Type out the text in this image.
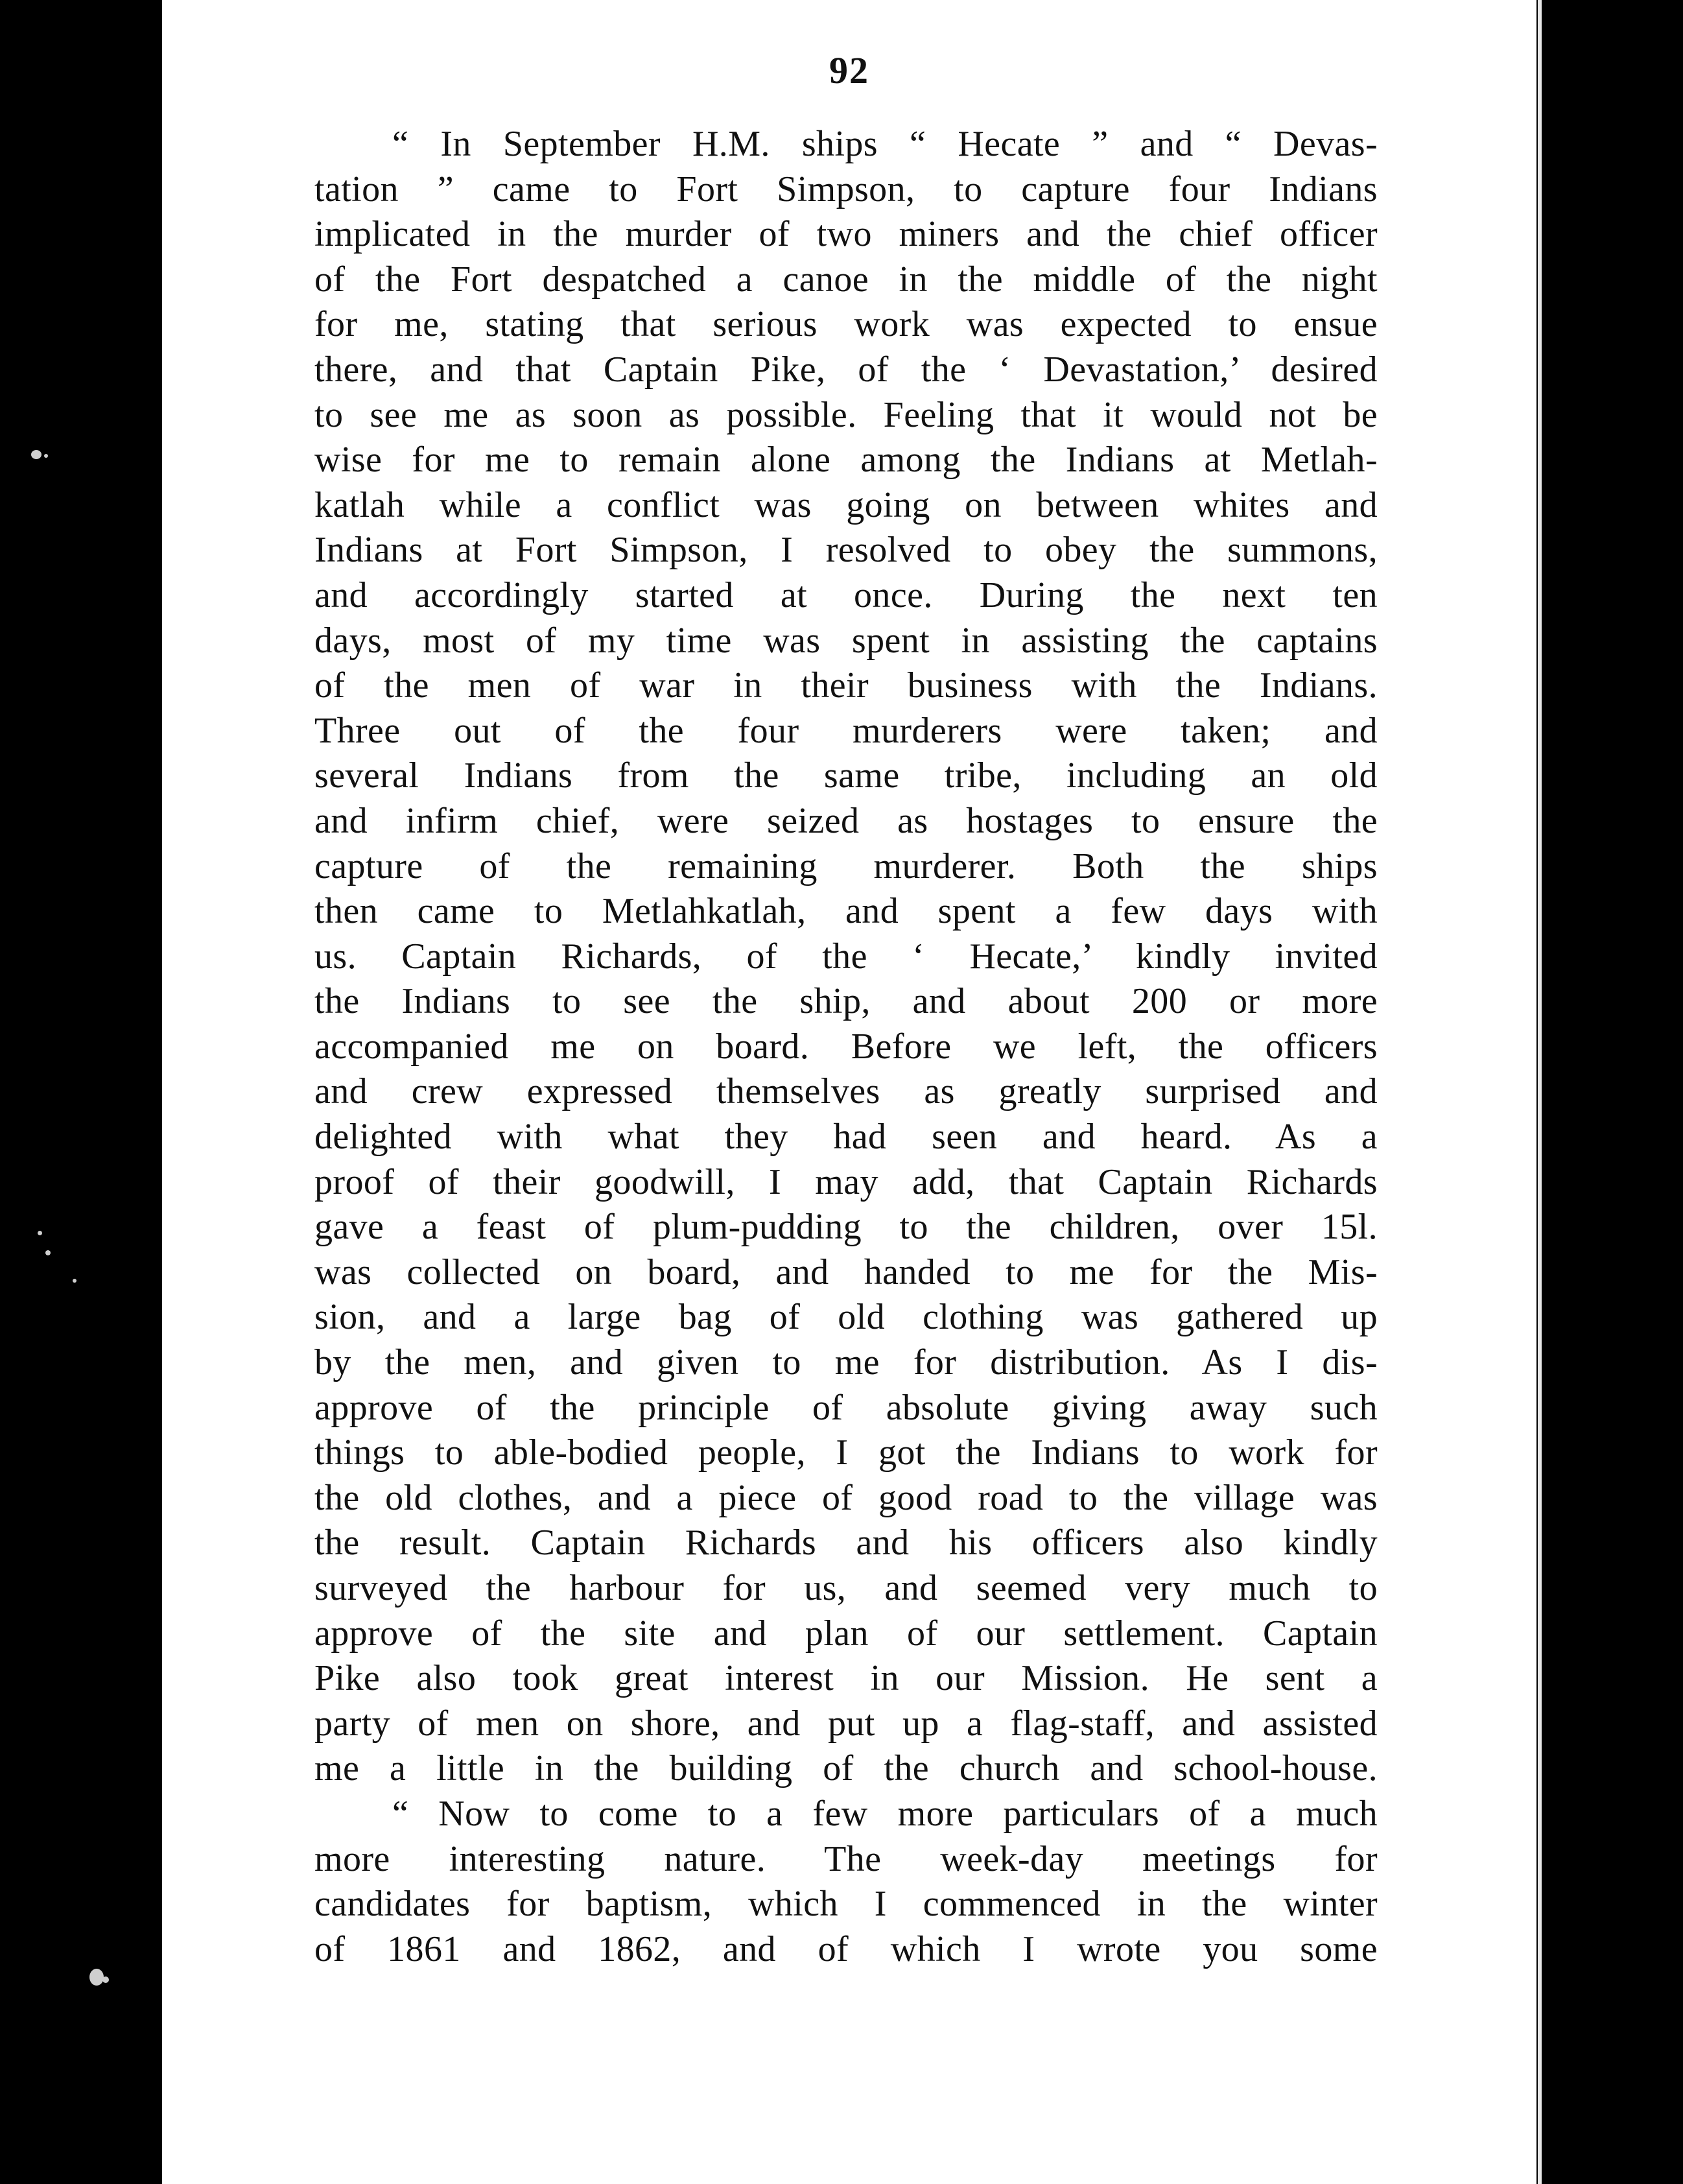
92
“ In September H.M. ships “ Hecate ” and “ Devas-
tation ” came to Fort Simpson, to capture four Indians
implicated in the murder of two miners and the chief officer
of the Fort despatched a canoe in the middle of the night
for me, stating that serious work was expected to ensue
there, and that Captain Pike, of the ‘ Devastation,’ desired
to see me as soon as possible. Feeling that it would not be
wise for me to remain alone among the Indians at Metlah-
katlah while a conflict was going on between whites and
Indians at Fort Simpson, I resolved to obey the summons,
and accordingly started at once. During the next ten
days, most of my time was spent in assisting the captains
of the men of war in their business with the Indians.
Three out of the four murderers were taken; and
several Indians from the same tribe, including an old
and infirm chief, were seized as hostages to ensure the
capture of the remaining murderer. Both the ships
then came to Metlahkatlah, and spent a few days with
us. Captain Richards, of the ‘ Hecate,’ kindly invited
the Indians to see the ship, and about 200 or more
accompanied me on board. Before we left, the officers
and crew expressed themselves as greatly surprised and
delighted with what they had seen and heard. As a
proof of their goodwill, I may add, that Captain Richards
gave a feast of plum-pudding to the children, over 15l.
was collected on board, and handed to me for the Mis-
sion, and a large bag of old clothing was gathered up
by the men, and given to me for distribution. As I dis-
approve of the principle of absolute giving away such
things to able-bodied people, I got the Indians to work for
the old clothes, and a piece of good road to the village was
the result. Captain Richards and his officers also kindly
surveyed the harbour for us, and seemed very much to
approve of the site and plan of our settlement. Captain
Pike also took great interest in our Mission. He sent a
party of men on shore, and put up a flag-staff, and assisted
me a little in the building of the church and school-house.
“ Now to come to a few more particulars of a much
more interesting nature. The week-day meetings for
candidates for baptism, which I commenced in the winter
of 1861 and 1862, and of which I wrote you some
